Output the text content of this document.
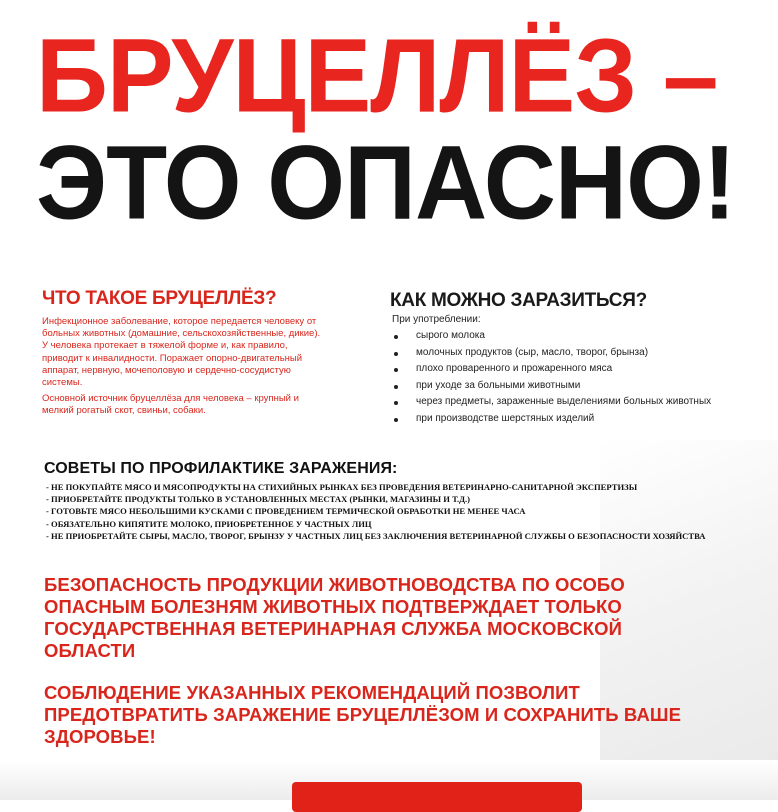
БРУЦЕЛЛЁЗ –
ЭТО ОПАСНО!
ЧТО ТАКОЕ БРУЦЕЛЛЁЗ?

Инфекционное заболевание, которое передается человеку от больных животных (домашние, сельскохозяйственные, дикие). У человека протекает в тяжелой форме и, как правило, приводит к инвалидности. Поражает опорно-двигательный аппарат, нервную, мочеполовую и сердечно-сосудистую системы.

Основной источник бруцеллёза для человека – крупный и мелкий рогатый скот, свиньи, собаки.

КАК МОЖНО ЗАРАЗИТЬСЯ?
При употреблении:
сырого молока
молочных продуктов (сыр, масло, творог, брынза)
плохо проваренного и прожаренного мяса
при уходе за больными животными
через предметы, зараженные выделениями больных животных
при производстве шерстяных изделий
СОВЕТЫ ПО ПРОФИЛАКТИКЕ ЗАРАЖЕНИЯ:
- НЕ ПОКУПАЙТЕ МЯСО И МЯСОПРОДУКТЫ НА СТИХИЙНЫХ РЫНКАХ БЕЗ ПРОВЕДЕНИЯ ВЕТЕРИНАРНО-САНИТАРНОЙ ЭКСПЕРТИЗЫ
- ПРИОБРЕТАЙТЕ ПРОДУКТЫ ТОЛЬКО В УСТАНОВЛЕННЫХ МЕСТАХ (РЫНКИ, МАГАЗИНЫ И Т.Д.)
- ГОТОВЬТЕ МЯСО НЕБОЛЬШИМИ КУСКАМИ С ПРОВЕДЕНИЕМ ТЕРМИЧЕСКОЙ ОБРАБОТКИ НЕ МЕНЕЕ ЧАСА
- ОБЯЗАТЕЛЬНО КИПЯТИТЕ МОЛОКО, ПРИОБРЕТЕННОЕ У ЧАСТНЫХ ЛИЦ
- НЕ ПРИОБРЕТАЙТЕ СЫРЫ, МАСЛО, ТВОРОГ, БРЫНЗУ У ЧАСТНЫХ ЛИЦ БЕЗ ЗАКЛЮЧЕНИЯ ВЕТЕРИНАРНОЙ СЛУЖБЫ О БЕЗОПАСНОСТИ ХОЗЯЙСТВА
БЕЗОПАСНОСТЬ ПРОДУКЦИИ ЖИВОТНОВОДСТВА ПО ОСОБО ОПАСНЫМ БОЛЕЗНЯМ ЖИВОТНЫХ ПОДТВЕРЖДАЕТ ТОЛЬКО ГОСУДАРСТВЕННАЯ ВЕТЕРИНАРНАЯ СЛУЖБА МОСКОВСКОЙ ОБЛАСТИ
СОБЛЮДЕНИЕ УКАЗАННЫХ РЕКОМЕНДАЦИЙ ПОЗВОЛИТ ПРЕДОТВРАТИТЬ ЗАРАЖЕНИЕ БРУЦЕЛЛЁЗОМ И СОХРАНИТЬ ВАШЕ ЗДОРОВЬЕ!
